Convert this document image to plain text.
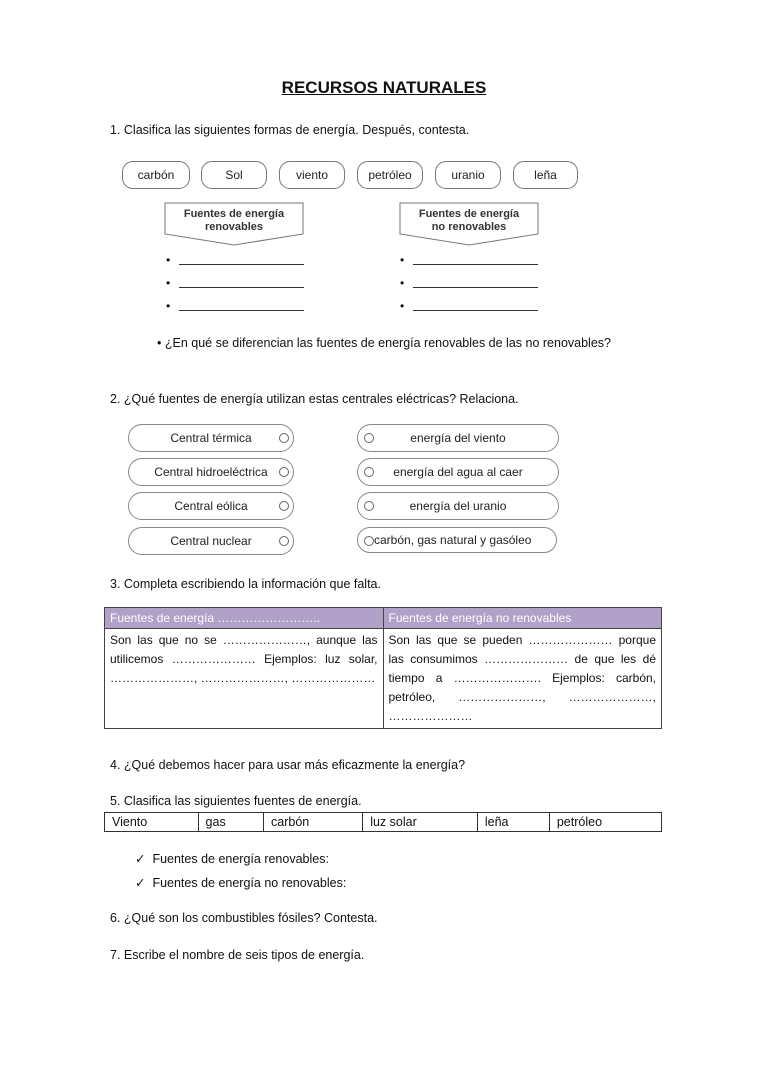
RECURSOS NATURALES
1. Clasifica las siguientes formas de energía. Después, contesta.
carbón	Sol	viento	petróleo	uranio	leña
Fuentes de energía
renovables
Fuentes de energía
no renovables
•
•
•
•
•
•
• ¿En qué se diferencian las fuentes de energía renovables de las no renovables?
2. ¿Qué fuentes de energía utilizan estas centrales eléctricas? Relaciona.
Central térmica
Central hidroeléctrica
Central eólica
Central nuclear
energía del viento
energía del agua al caer
energía del uranio
carbón, gas natural y gasóleo
3. Completa escribiendo la información que falta.
Fuentes de energía ……………………..	Fuentes de energía no renovables
Son las que no se …………………, aunque las utilicemos ………………… Ejemplos: luz solar, …………………, …………………, …………………	Son las que se pueden ………………… porque las consumimos ………………… de que les dé tiempo a …………………. Ejemplos: carbón, petróleo, …………………, …………………, …………………
4. ¿Qué debemos hacer para usar más eficazmente la energía?
5. Clasifica las siguientes fuentes de energía.
Viento	gas	carbón	luz solar	leña	petróleo
✓ Fuentes de energía renovables:
✓ Fuentes de energía no renovables:
6. ¿Qué son los combustibles fósiles? Contesta.
7. Escribe el nombre de seis tipos de energía.
